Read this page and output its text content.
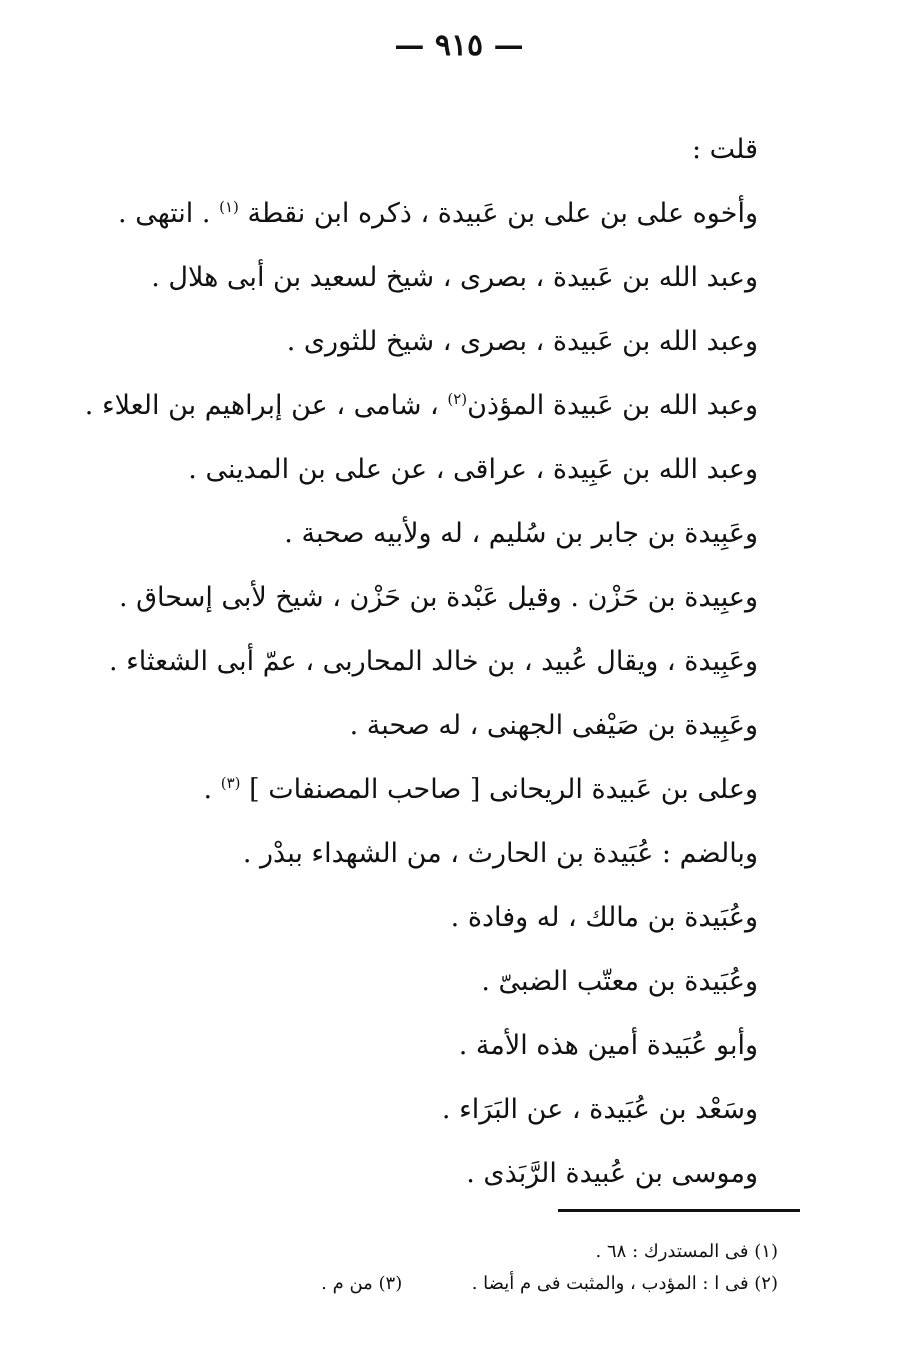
— ٩١٥ —
قلت :
وأخوه على بن على بن عَبيدة ، ذكره ابن نقطة $^{(١)}$ . انتهى .
وعبد الله بن عَبيدة ، بصرى ، شيخ لسعيد بن أبى هلال .
وعبد الله بن عَبيدة ، بصرى ، شيخ للثورى .
وعبد الله بن عَبيدة المؤذن$^{(٢)}$ ، شامى ، عن إبراهيم بن العلاء .
وعبد الله بن عَبِيدة ، عراقى ، عن على بن المدينى .
وعَبِيدة بن جابر بن سُليم ، له ولأبيه صحبة .
وعبِيدة بن حَزْن . وقيل عَبْدة بن حَزْن ، شيخ لأبى إسحاق .
وعَبِيدة ، ويقال عُبيد ، بن خالد المحاربى ، عمّ أبى الشعثاء .
وعَبِيدة بن صَيْفى الجهنى ، له صحبة .
وعلى بن عَبيدة الريحانى [ صاحب المصنفات ] $^{(٣)}$ .
وبالضم : عُبَيدة بن الحارث ، من الشهداء ببدْر .
وعُبَيدة بن مالك ، له وفادة .
وعُبَيدة بن معتّب الضبىّ .
وأبو عُبَيدة أمين هذه الأمة .
وسَعْد بن عُبَيدة ، عن البَرَاء .
وموسى بن عُبيدة الرَّبَذى .
(١) فى المستدرك : ٦٨ .
(٢) فى ا : المؤدب ، والمثبت فى م أيضا .  (٣) من م .
